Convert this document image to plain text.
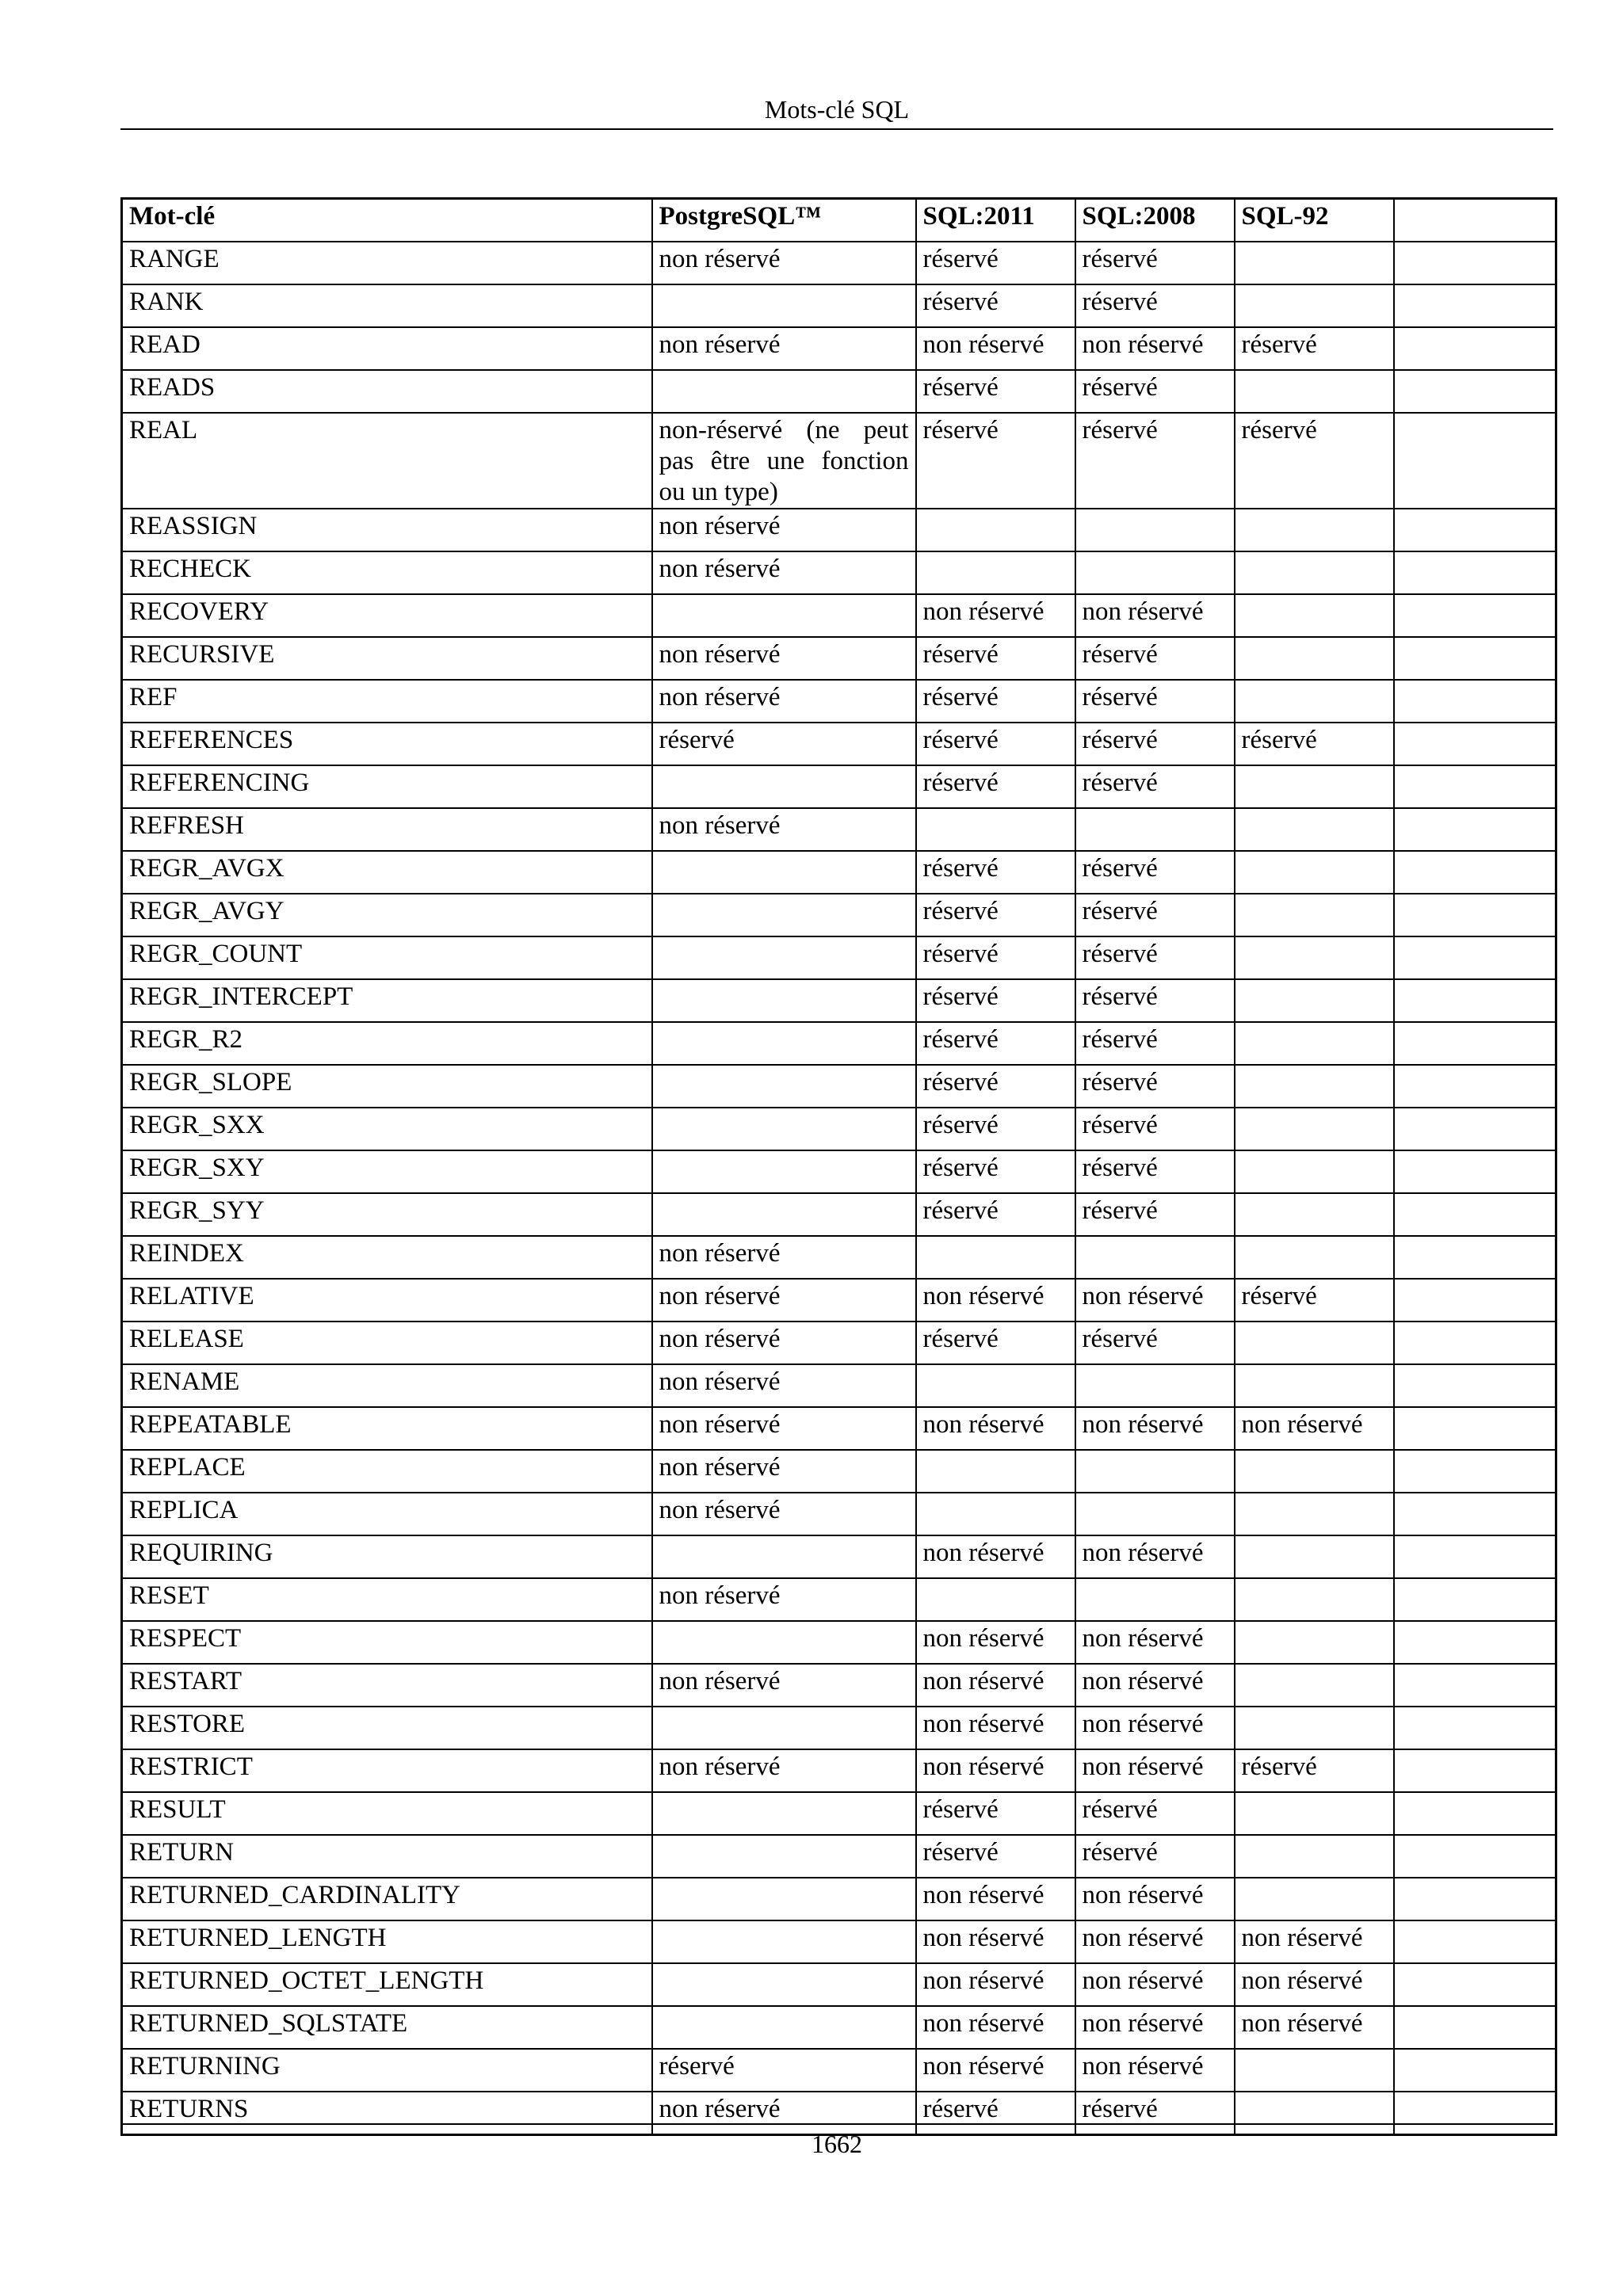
Mots-clé SQL
Mot-clé	PostgreSQL™	SQL:2011	SQL:2008	SQL-92	
RANGE	non réservé	réservé	réservé		
RANK		réservé	réservé		
READ	non réservé	non réservé	non réservé	réservé	
READS		réservé	réservé		
REAL	non-réservé (ne peut pas être une fonction ou un type)	réservé	réservé	réservé	
REASSIGN	non réservé				
RECHECK	non réservé				
RECOVERY		non réservé	non réservé		
RECURSIVE	non réservé	réservé	réservé		
REF	non réservé	réservé	réservé		
REFERENCES	réservé	réservé	réservé	réservé	
REFERENCING		réservé	réservé		
REFRESH	non réservé				
REGR_AVGX		réservé	réservé		
REGR_AVGY		réservé	réservé		
REGR_COUNT		réservé	réservé		
REGR_INTERCEPT		réservé	réservé		
REGR_R2		réservé	réservé		
REGR_SLOPE		réservé	réservé		
REGR_SXX		réservé	réservé		
REGR_SXY		réservé	réservé		
REGR_SYY		réservé	réservé		
REINDEX	non réservé				
RELATIVE	non réservé	non réservé	non réservé	réservé	
RELEASE	non réservé	réservé	réservé		
RENAME	non réservé				
REPEATABLE	non réservé	non réservé	non réservé	non réservé	
REPLACE	non réservé				
REPLICA	non réservé				
REQUIRING		non réservé	non réservé		
RESET	non réservé				
RESPECT		non réservé	non réservé		
RESTART	non réservé	non réservé	non réservé		
RESTORE		non réservé	non réservé		
RESTRICT	non réservé	non réservé	non réservé	réservé	
RESULT		réservé	réservé		
RETURN		réservé	réservé		
RETURNED_CARDINALITY		non réservé	non réservé		
RETURNED_LENGTH		non réservé	non réservé	non réservé	
RETURNED_OCTET_LENGTH		non réservé	non réservé	non réservé	
RETURNED_SQLSTATE		non réservé	non réservé	non réservé	
RETURNING	réservé	non réservé	non réservé		
RETURNS	non réservé	réservé	réservé		
1662
